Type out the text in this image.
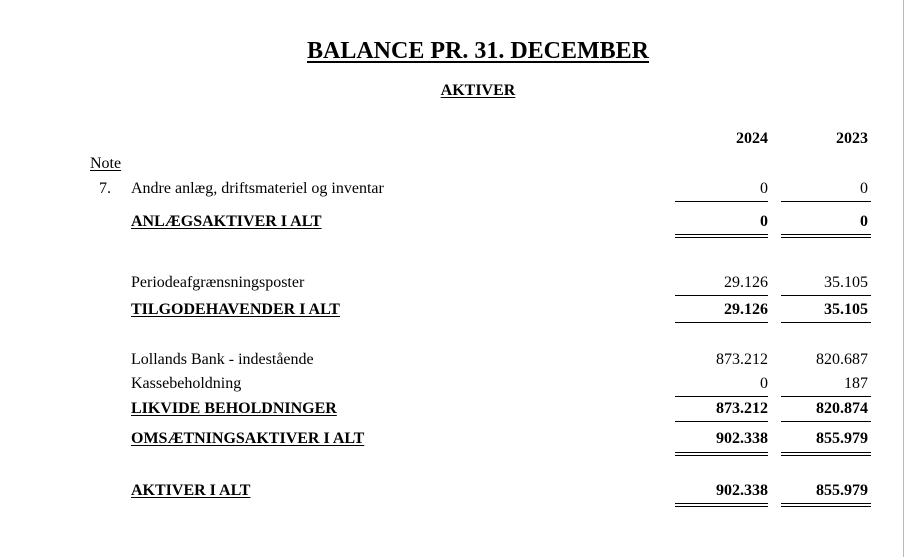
BALANCE PR. 31. DECEMBER
AKTIVER
2024	2023
Note
7. Andre anlæg, driftsmateriel og inventar	0	0
ANLÆGSAKTIVER I ALT	0	0
Periodeafgrænsningsposter	29.126	35.105
TILGODEHAVENDER I ALT	29.126	35.105
Lollands Bank - indestående	873.212	820.687
Kassebeholdning	0	187
LIKVIDE BEHOLDNINGER	873.212	820.874
OMSÆTNINGSAKTIVER I ALT	902.338	855.979
AKTIVER I ALT	902.338	855.979
